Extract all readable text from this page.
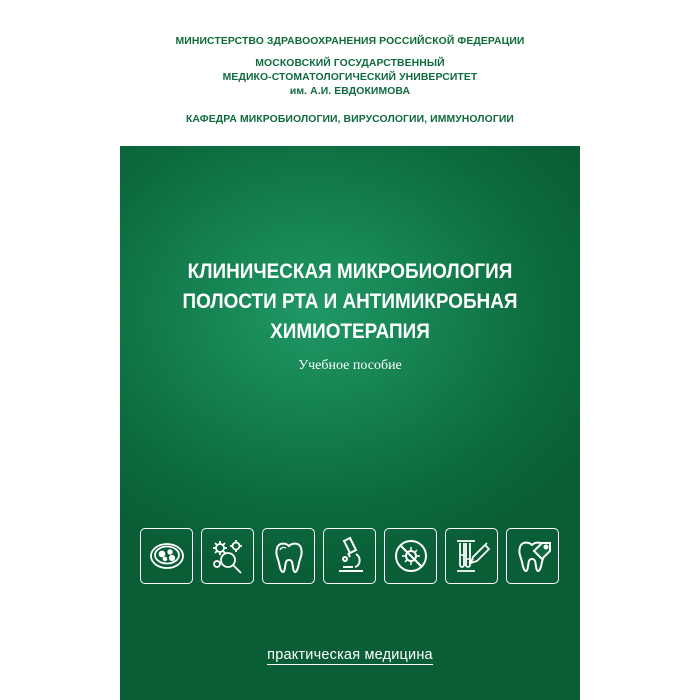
МИНИСТЕРСТВО ЗДРАВООХРАНЕНИЯ РОССИЙСКОЙ ФЕДЕРАЦИИ
МОСКОВСКИЙ ГОСУДАРСТВЕННЫЙ
МЕДИКО-СТОМАТОЛОГИЧЕСКИЙ УНИВЕРСИТЕТ
им. А.И. ЕВДОКИМОВА
КАФЕДРА МИКРОБИОЛОГИИ, ВИРУСОЛОГИИ, ИММУНОЛОГИИ
КЛИНИЧЕСКАЯ МИКРОБИОЛОГИЯ
ПОЛОСТИ РТА И АНТИМИКРОБНАЯ
ХИМИОТЕРАПИЯ
Учебное пособие
практическая медицина
